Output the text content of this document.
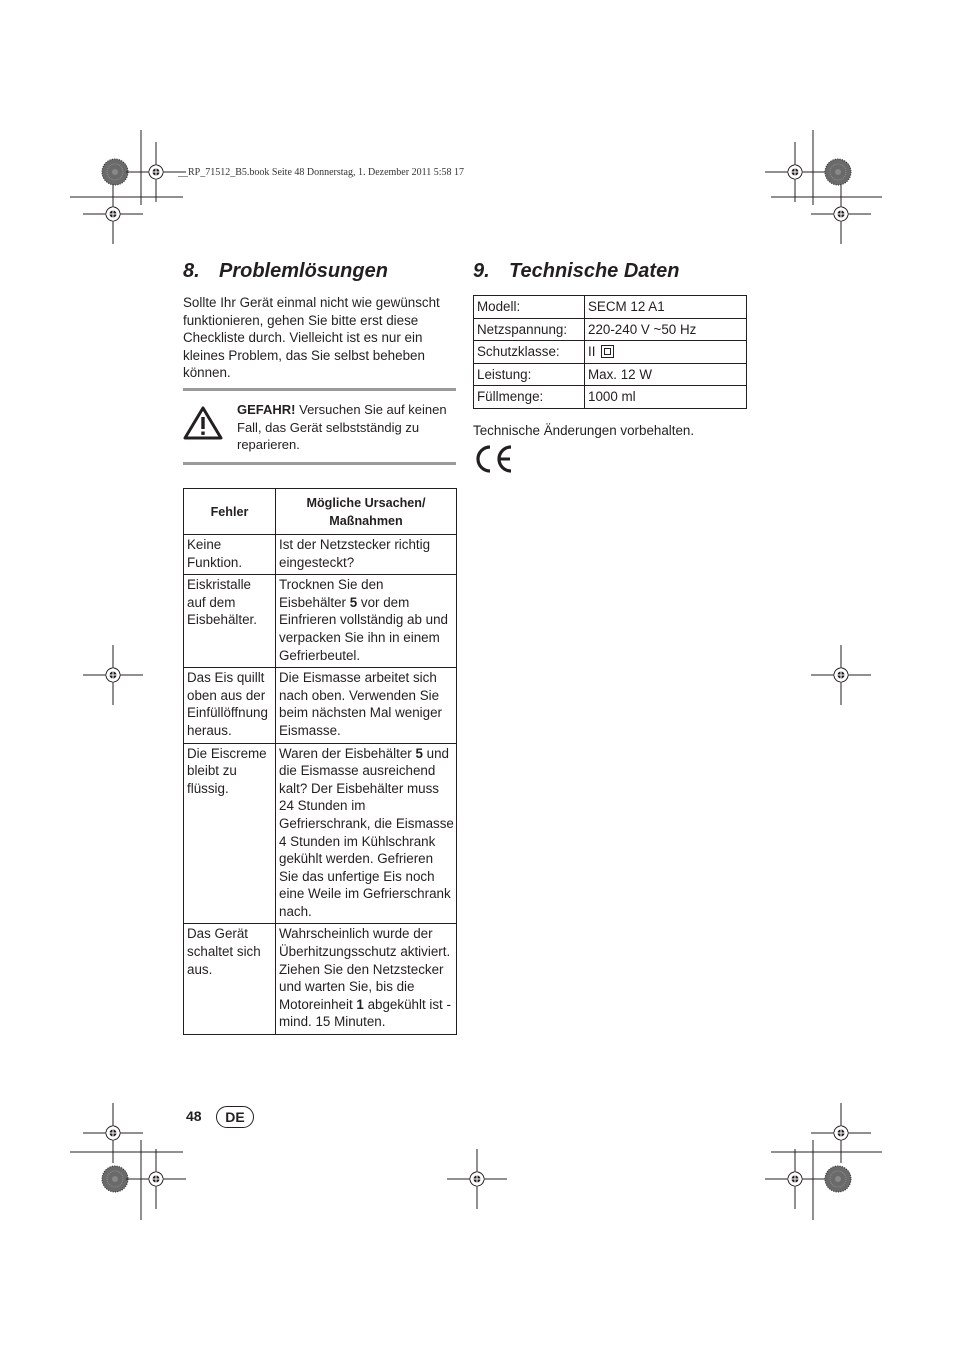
__RP_71512_B5.book Seite 48 Donnerstag, 1. Dezember 2011 5:58 17
8. Problemlösungen
Sollte Ihr Gerät einmal nicht wie gewünscht funktionieren, gehen Sie bitte erst diese Checkliste durch. Vielleicht ist es nur ein kleines Problem, das Sie selbst beheben können.
GEFAHR! Versuchen Sie auf keinen Fall, das Gerät selbstständig zu reparieren.
Fehler	Mögliche Ursachen/ Maßnahmen
Keine Funktion.	Ist der Netzstecker richtig eingesteckt?
Eiskristalle auf dem Eisbehälter.	Trocknen Sie den Eisbehälter 5 vor dem Einfrieren vollständig ab und verpacken Sie ihn in einem Gefrierbeutel.
Das Eis quillt oben aus der Einfüllöffnung heraus.	Die Eismasse arbeitet sich nach oben. Verwenden Sie beim nächsten Mal weniger Eismasse.
Die Eiscreme bleibt zu flüssig.	Waren der Eisbehälter 5 und die Eismasse ausreichend kalt? Der Eisbehälter muss 24 Stunden im Gefrierschrank, die Eismasse 4 Stunden im Kühlschrank gekühlt werden. Gefrieren Sie das unfertige Eis noch eine Weile im Gefrierschrank nach.
Das Gerät schaltet sich aus.	Wahrscheinlich wurde der Überhitzungsschutz aktiviert. Ziehen Sie den Netzstecker und warten Sie, bis die Motoreinheit 1 abgekühlt ist - mind. 15 Minuten.
9. Technische Daten
Modell:	SECM 12 A1
Netzspannung:	220-240 V ~50 Hz
Schutzklasse:	II
Leistung:	Max. 12 W
Füllmenge:	1000 ml
Technische Änderungen vorbehalten.
48	DE
